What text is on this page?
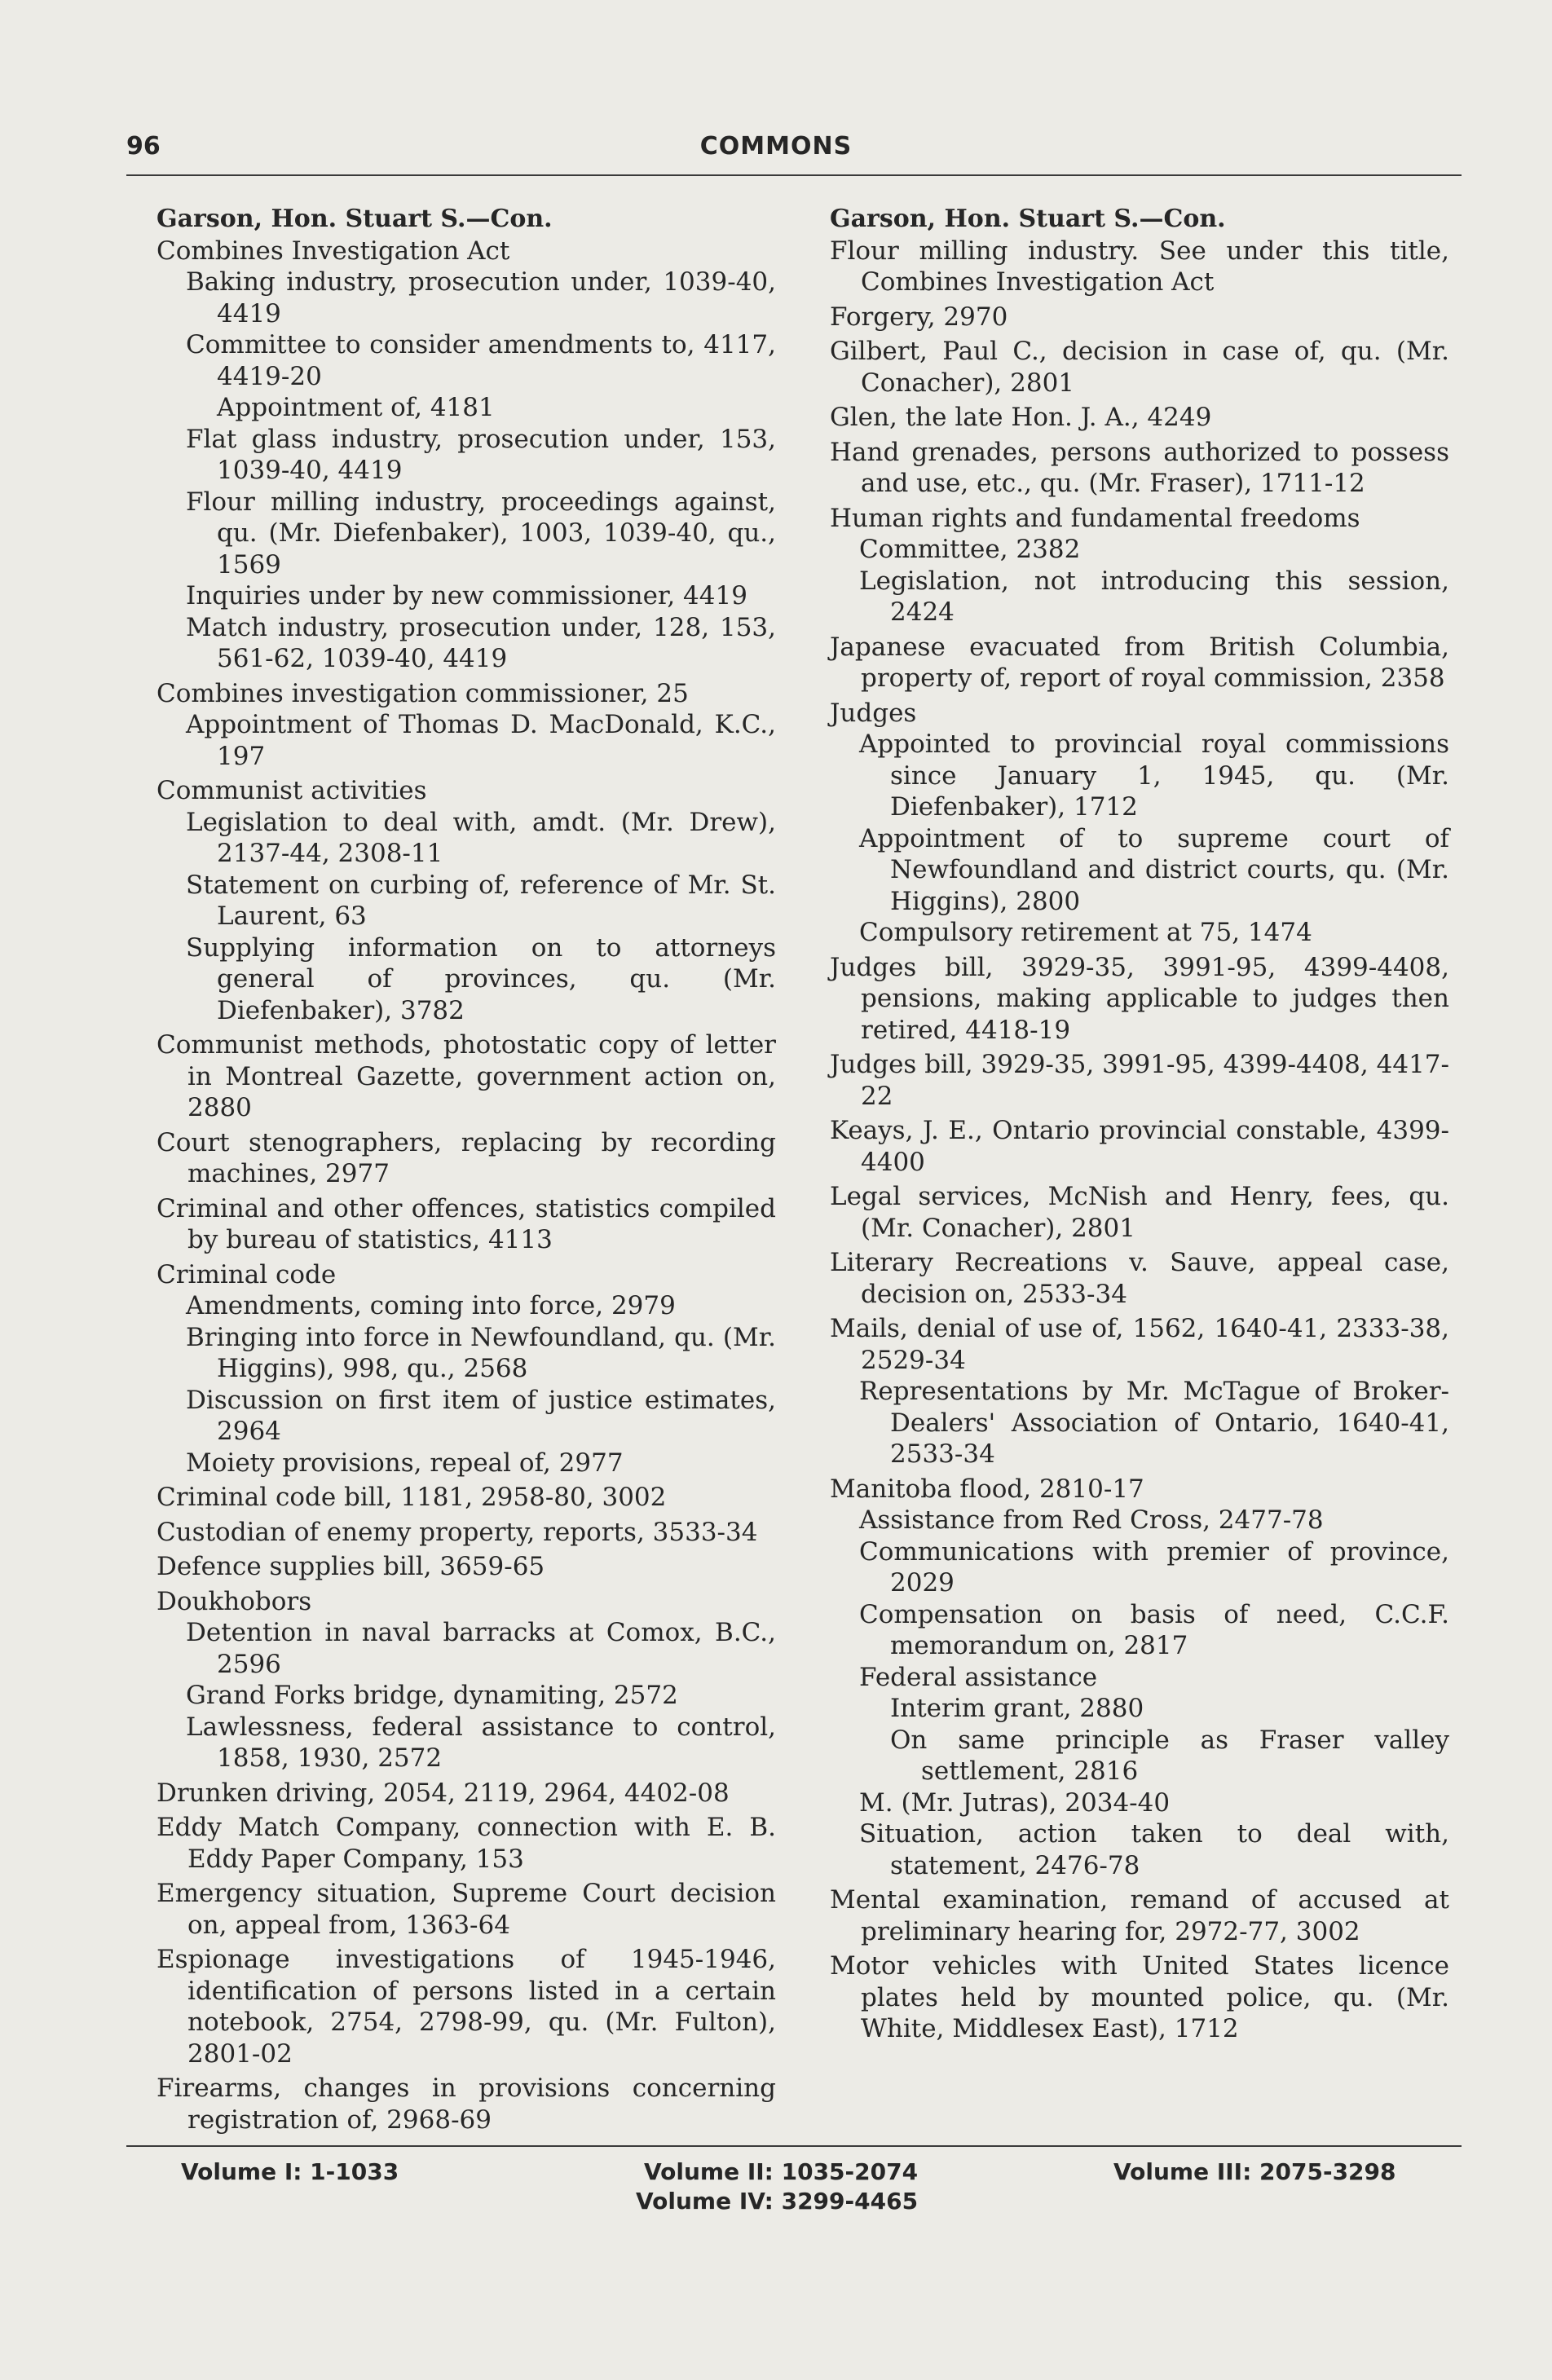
96	COMMONS

Garson, Hon. Stuart S.—Con.

Combines Investigation Act

Baking industry, prosecution under, 1039-40, 4419

Committee to consider amendments to, 4117, 4419-20

Appointment of, 4181

Flat glass industry, prosecution under, 153, 1039-40, 4419

Flour milling industry, proceedings against, qu. (Mr. Diefenbaker), 1003, 1039-40, qu., 1569

Inquiries under by new commissioner, 4419

Match industry, prosecution under, 128, 153, 561-62, 1039-40, 4419

Combines investigation commissioner, 25

Appointment of Thomas D. MacDonald, K.C., 197

Communist activities

Legislation to deal with, amdt. (Mr. Drew), 2137-44, 2308-11

Statement on curbing of, reference of Mr. St. Laurent, 63

Supplying information on to attorneys general of provinces, qu. (Mr. Diefenbaker), 3782

Communist methods, photostatic copy of letter in Montreal Gazette, government action on, 2880

Court stenographers, replacing by recording machines, 2977

Criminal and other offences, statistics compiled by bureau of statistics, 4113

Criminal code

Amendments, coming into force, 2979

Bringing into force in Newfoundland, qu. (Mr. Higgins), 998, qu., 2568

Discussion on first item of justice estimates, 2964

Moiety provisions, repeal of, 2977

Criminal code bill, 1181, 2958-80, 3002

Custodian of enemy property, reports, 3533-34

Defence supplies bill, 3659-65

Doukhobors

Detention in naval barracks at Comox, B.C., 2596

Grand Forks bridge, dynamiting, 2572

Lawlessness, federal assistance to control, 1858, 1930, 2572

Drunken driving, 2054, 2119, 2964, 4402-08

Eddy Match Company, connection with E. B. Eddy Paper Company, 153

Emergency situation, Supreme Court decision on, appeal from, 1363-64

Espionage investigations of 1945-1946, identification of persons listed in a certain notebook, 2754, 2798-99, qu. (Mr. Fulton), 2801-02

Firearms, changes in provisions concerning registration of, 2968-69

Garson, Hon. Stuart S.—Con.

Flour milling industry. See under this title, Combines Investigation Act

Forgery, 2970

Gilbert, Paul C., decision in case of, qu. (Mr. Conacher), 2801

Glen, the late Hon. J. A., 4249

Hand grenades, persons authorized to possess and use, etc., qu. (Mr. Fraser), 1711-12

Human rights and fundamental freedoms

Committee, 2382

Legislation, not introducing this session, 2424

Japanese evacuated from British Columbia, property of, report of royal commission, 2358

Judges

Appointed to provincial royal commissions since January 1, 1945, qu. (Mr. Diefenbaker), 1712

Appointment of to supreme court of Newfoundland and district courts, qu. (Mr. Higgins), 2800

Compulsory retirement at 75, 1474

Judges bill, 3929-35, 3991-95, 4399-4408, pensions, making applicable to judges then retired, 4418-19

Judges bill, 3929-35, 3991-95, 4399-4408, 4417-22

Keays, J. E., Ontario provincial constable, 4399-4400

Legal services, McNish and Henry, fees, qu. (Mr. Conacher), 2801

Literary Recreations v. Sauve, appeal case, decision on, 2533-34

Mails, denial of use of, 1562, 1640-41, 2333-38, 2529-34

Representations by Mr. McTague of Broker-Dealers' Association of Ontario, 1640-41, 2533-34

Manitoba flood, 2810-17

Assistance from Red Cross, 2477-78

Communications with premier of province, 2029

Compensation on basis of need, C.C.F. memorandum on, 2817

Federal assistance

Interim grant, 2880

On same principle as Fraser valley settlement, 2816

M. (Mr. Jutras), 2034-40

Situation, action taken to deal with, statement, 2476-78

Mental examination, remand of accused at preliminary hearing for, 2972-77, 3002

Motor vehicles with United States licence plates held by mounted police, qu. (Mr. White, Middlesex East), 1712

Volume I: 1-1033	Volume II: 1035-2074	Volume III: 2075-3298
Volume IV: 3299-4465
